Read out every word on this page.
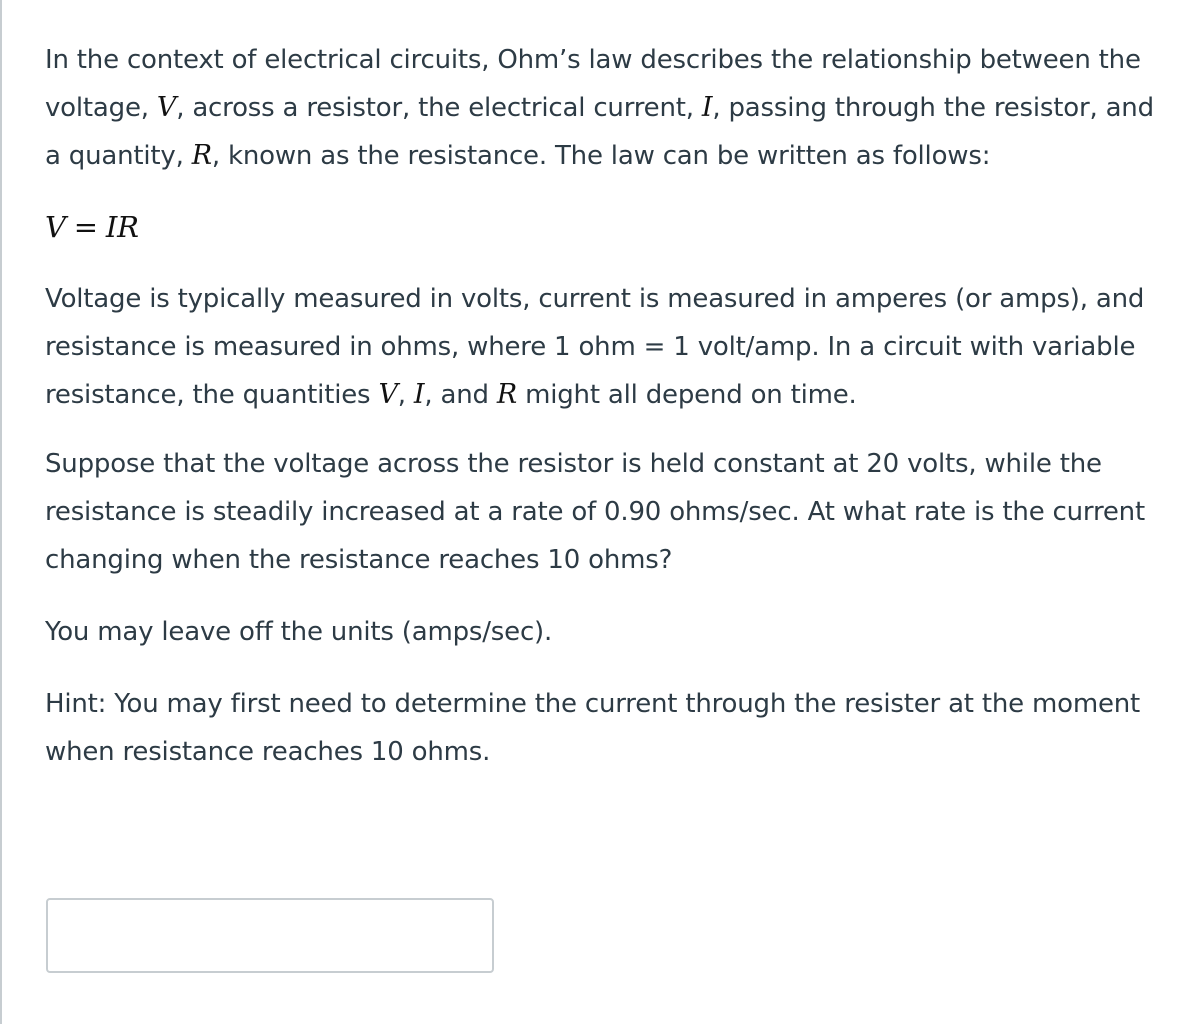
In the context of electrical circuits, Ohm’s law describes the relationship between the voltage, V, across a resistor, the electrical current, I, passing through the resistor, and a quantity, R, known as the resistance. The law can be written as follows:

V = IR

Voltage is typically measured in volts, current is measured in amperes (or amps), and resistance is measured in ohms, where 1 ohm = 1 volt/amp. In a circuit with variable resistance, the quantities V, I, and R might all depend on time.

Suppose that the voltage across the resistor is held constant at 20 volts, while the resistance is steadily increased at a rate of 0.90 ohms/sec. At what rate is the current changing when the resistance reaches 10 ohms?

You may leave off the units (amps/sec).

Hint: You may first need to determine the current through the resister at the moment when resistance reaches 10 ohms.
